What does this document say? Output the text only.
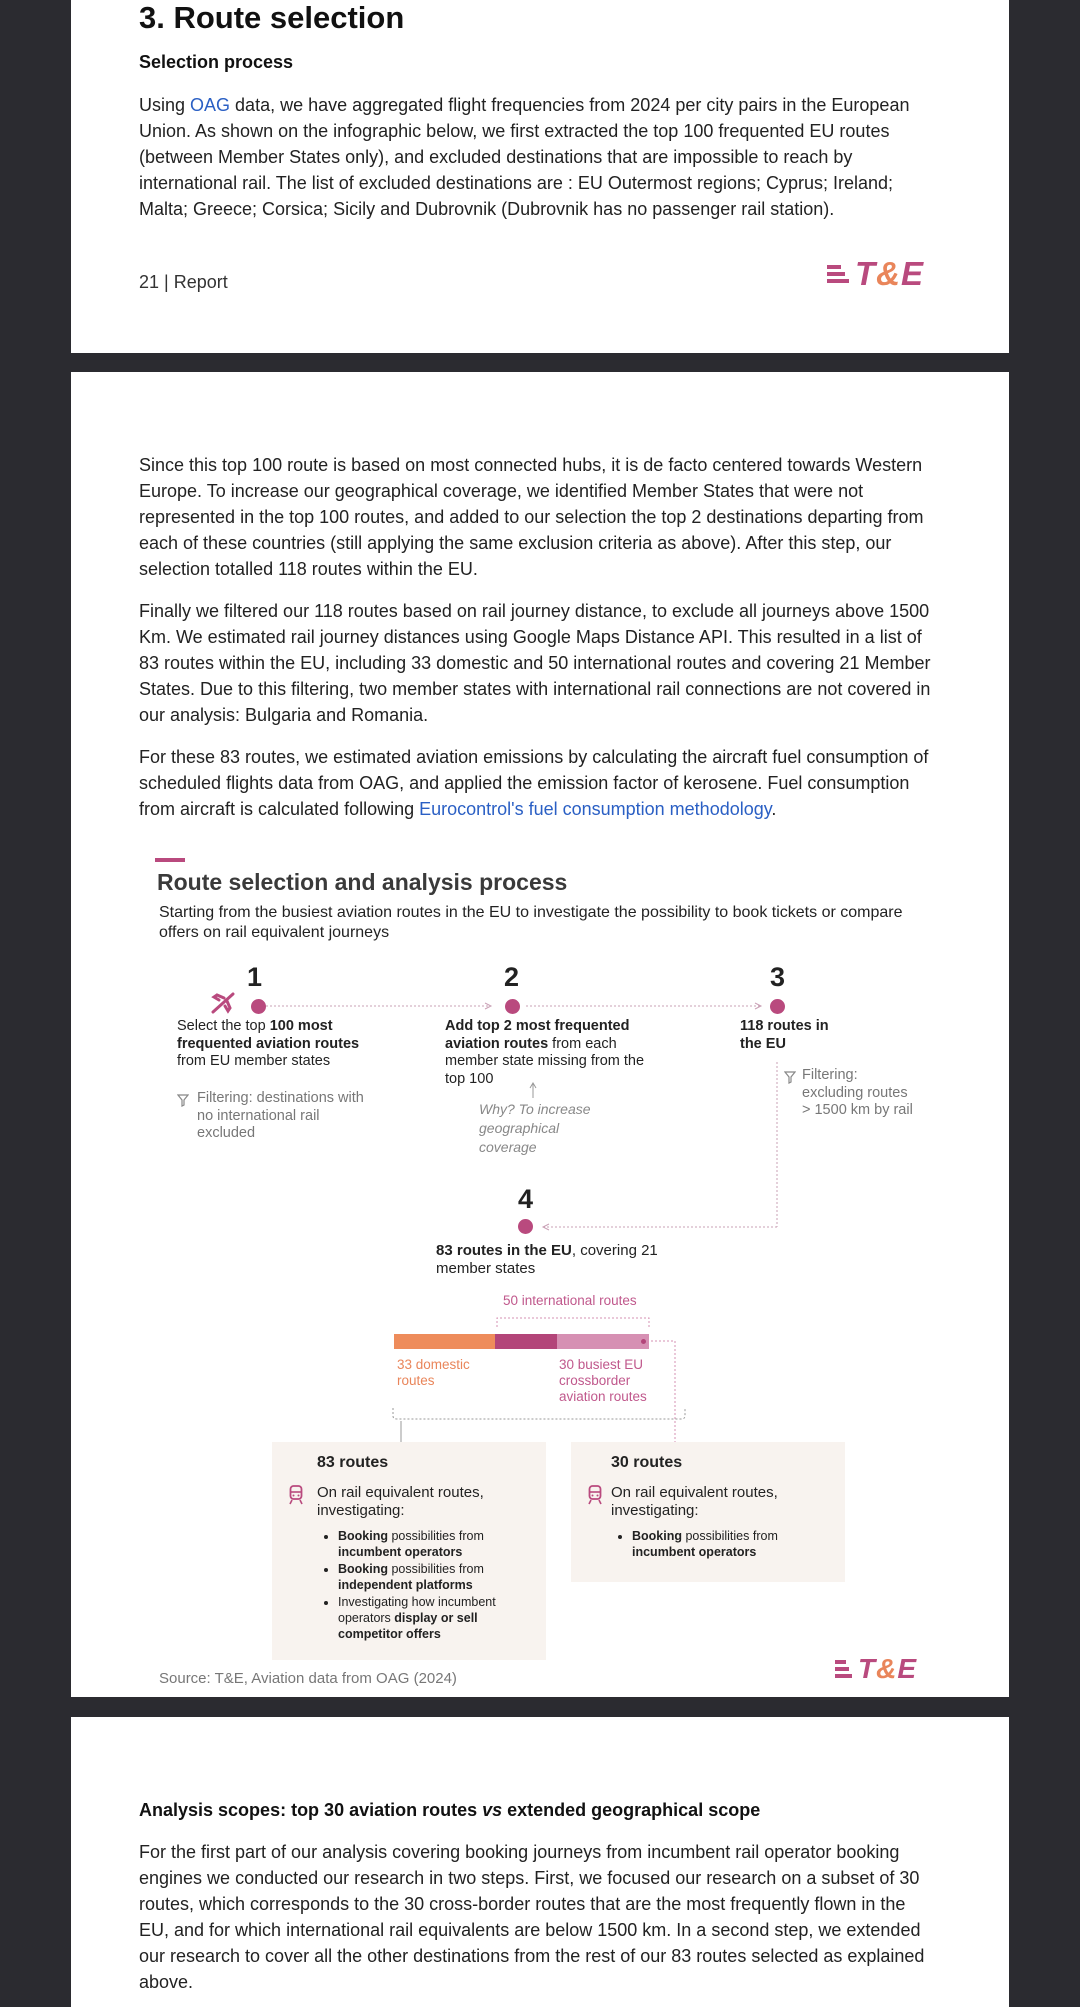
3. Route selection
Selection process
Using OAG data, we have aggregated flight frequencies from 2024 per city pairs in the European Union. As shown on the infographic below, we first extracted the top 100 frequented EU routes (between Member States only), and excluded destinations that are impossible to reach by international rail. The list of excluded destinations are : EU Outermost regions; Cyprus; Ireland; Malta; Greece; Corsica; Sicily and Dubrovnik (Dubrovnik has no passenger rail station).
21 | Report	T&E
Since this top 100 route is based on most connected hubs, it is de facto centered towards Western Europe. To increase our geographical coverage, we identified Member States that were not represented in the top 100 routes, and added to our selection the top 2 destinations departing from each of these countries (still applying the same exclusion criteria as above). After this step, our selection totalled 118 routes within the EU.
Finally we filtered our 118 routes based on rail journey distance, to exclude all journeys above 1500 Km. We estimated rail journey distances using Google Maps Distance API. This resulted in a list of 83 routes within the EU, including 33 domestic and 50 international routes and covering 21 Member States. Due to this filtering, two member states with international rail connections are not covered in our analysis: Bulgaria and Romania.
For these 83 routes, we estimated aviation emissions by calculating the aircraft fuel consumption of scheduled flights data from OAG, and applied the emission factor of kerosene. Fuel consumption from aircraft is calculated following Eurocontrol's fuel consumption methodology.
Route selection and analysis process
Starting from the busiest aviation routes in the EU to investigate the possibility to book tickets or compare offers on rail equivalent journeys
1
Select the top 100 most frequented aviation routes from EU member states
Filtering: destinations with no international rail excluded
2
Add top 2 most frequented aviation routes from each member state missing from the top 100
Why? To increase geographical coverage
3
118 routes in the EU
Filtering: excluding routes > 1500 km by rail
4
83 routes in the EU, covering 21 member states
50 international routes
33 domestic routes
30 busiest EU crossborder aviation routes
83 routes
On rail equivalent routes, investigating:
• Booking possibilities from incumbent operators
• Booking possibilities from independent platforms
• Investigating how incumbent operators display or sell competitor offers
30 routes
On rail equivalent routes, investigating:
• Booking possibilities from incumbent operators
Source: T&E, Aviation data from OAG (2024)	T&E
Analysis scopes: top 30 aviation routes vs extended geographical scope
For the first part of our analysis covering booking journeys from incumbent rail operator booking engines we conducted our research in two steps. First, we focused our research on a subset of 30 routes, which corresponds to the 30 cross-border routes that are the most frequently flown in the EU, and for which international rail equivalents are below 1500 km. In a second step, we extended our research to cover all the other destinations from the rest of our 83 routes selected as explained above.
